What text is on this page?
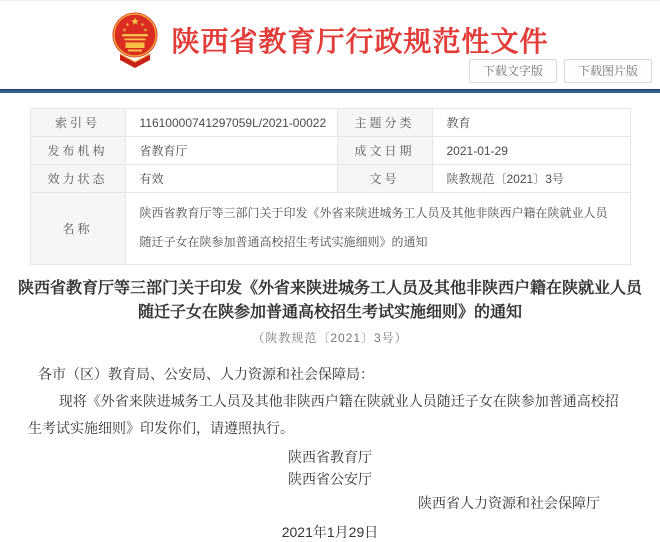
陕西省教育厅行政规范性文件
下载文字版	下载图片版
索引号	11610000741297059L/2021-00022	主题分类	教育
发布机构	省教育厅	成文日期	2021-01-29
效力状态	有效	文号	陕教规范〔2021〕3号
名称	陕西省教育厅等三部门关于印发《外省来陕进城务工人员及其他非陕西户籍在陕就业人员随迁子女在陕参加普通高校招生考试实施细则》的通知		
陕西省教育厅等三部门关于印发《外省来陕进城务工人员及其他非陕西户籍在陕就业人员随迁子女在陕参加普通高校招生考试实施细则》的通知
（陕教规范〔2021〕3号）

各市（区）教育局、公安局、人力资源和社会保障局：

现将《外省来陕进城务工人员及其他非陕西户籍在陕就业人员随迁子女在陕参加普通高校招生考试实施细则》印发你们，请遵照执行。

陕西省教育厅
陕西省公安厅
陕西省人力资源和社会保障厅
2021年1月29日
